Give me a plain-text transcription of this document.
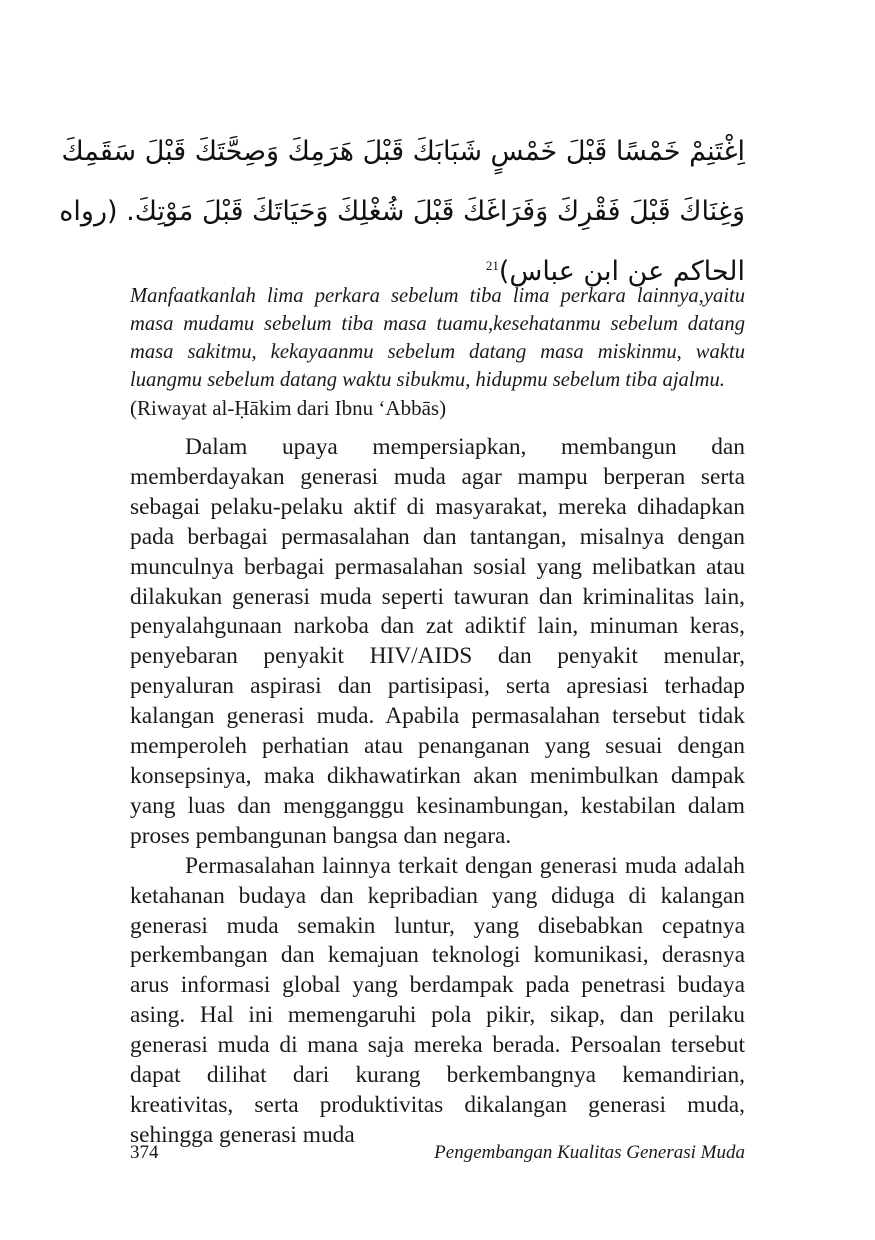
اِغْتَنِمْ خَمْسًا قَبْلَ خَمْسٍ شَبَابَكَ قَبْلَ هَرَمِكَ وَصِحَّتَكَ قَبْلَ سَقَمِكَ
وَغِنَاكَ قَبْلَ فَقْرِكَ وَفَرَاغَكَ قَبْلَ شُغْلِكَ وَحَيَاتَكَ قَبْلَ مَوْتِكَ. (رواه
الحاكم عن ابن عباس)$^{21}$

Manfaatkanlah lima perkara sebelum tiba lima perkara lainnya,yaitu masa mudamu sebelum tiba masa tuamu,kesehatanmu sebelum datang masa sakitmu, kekayaanmu sebelum datang masa miskinmu, waktu luangmu sebelum datang waktu sibukmu, hidupmu sebelum tiba ajalmu.

(Riwayat al-Ḥākim dari Ibnu ‘Abbās)

Dalam upaya mempersiapkan, membangun dan memberdayakan generasi muda agar mampu berperan serta sebagai pelaku-pelaku aktif di masyarakat, mereka dihadapkan pada berbagai permasalahan dan tantangan, misalnya dengan munculnya berbagai permasalahan sosial yang melibatkan atau dilakukan generasi muda seperti tawuran dan kriminalitas lain, penyalahgunaan narkoba dan zat adiktif lain, minuman keras, penyebaran penyakit HIV/AIDS dan penyakit menular, penyaluran aspirasi dan partisipasi, serta apresiasi terhadap kalangan generasi muda. Apabila permasalahan tersebut tidak memperoleh perhatian atau penanganan yang sesuai dengan konsepsinya, maka dikhawatirkan akan menimbulkan dampak yang luas dan mengganggu kesinambungan, kestabilan dalam proses pembangunan bangsa dan negara.

Permasalahan lainnya terkait dengan generasi muda adalah ketahanan budaya dan kepribadian yang diduga di kalangan generasi muda semakin luntur, yang disebabkan cepatnya perkembangan dan kemajuan teknologi komunikasi, derasnya arus informasi global yang berdampak pada penetrasi budaya asing. Hal ini memengaruhi pola pikir, sikap, dan perilaku generasi muda di mana saja mereka berada. Persoalan tersebut dapat dilihat dari kurang berkembangnya kemandirian, kreativitas, serta produktivitas dikalangan generasi muda, sehingga generasi muda

374	Pengembangan Kualitas Generasi Muda
